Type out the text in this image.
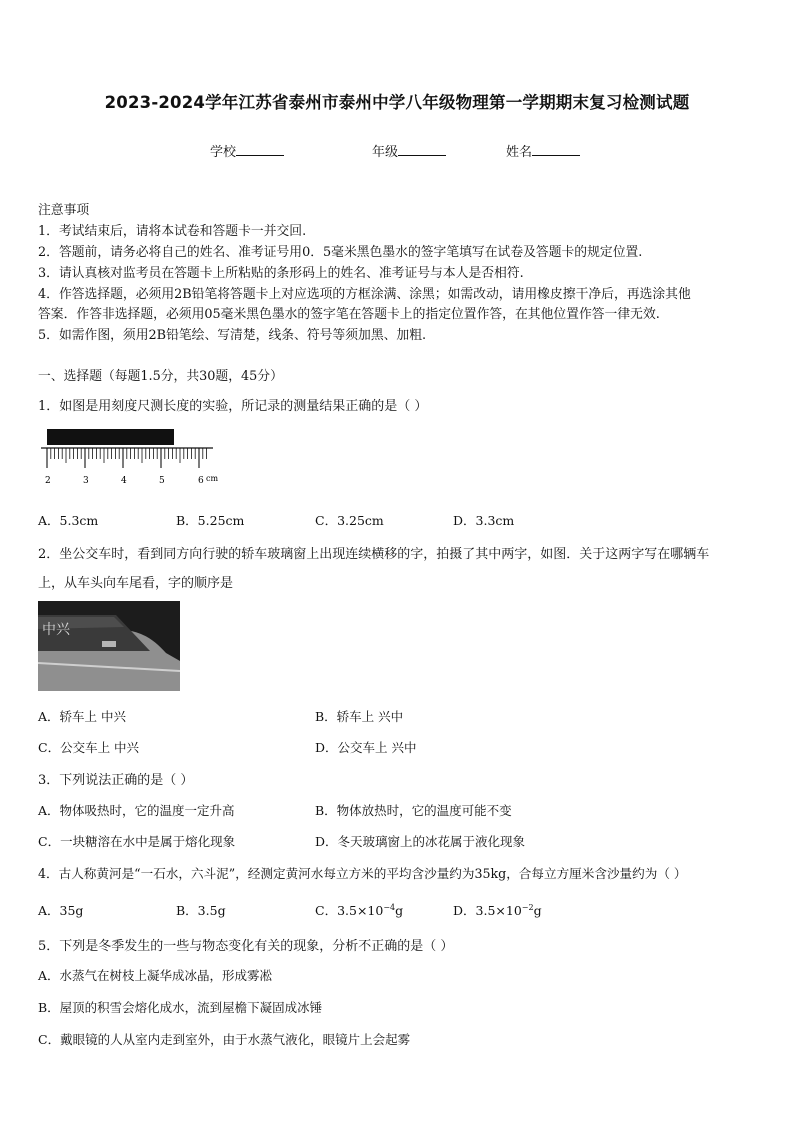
2023-2024学年江苏省泰州市泰州中学八年级物理第一学期期末复习检测试题
学校	年级	姓名
注意事项
1．考试结束后，请将本试卷和答题卡一并交回.
2．答题前，请务必将自己的姓名、准考证号用0．5毫米黑色墨水的签字笔填写在试卷及答题卡的规定位置.
3．请认真核对监考员在答题卡上所粘贴的条形码上的姓名、准考证号与本人是否相符.
4．作答选择题，必须用2B铅笔将答题卡上对应选项的方框涂满、涂黑；如需改动，请用橡皮擦干净后，再选涂其他
答案．作答非选择题，必须用05毫米黑色墨水的签字笔在答题卡上的指定位置作答，在其他位置作答一律无效.
5．如需作图，须用2B铅笔绘、写清楚，线条、符号等须加黑、加粗.
一、选择题（每题1.5分，共30题，45分）
1．如图是用刻度尺测长度的实验，所记录的测量结果正确的是（ ）
2	3	4	5	6 cm
A．5.3cm	B．5.25cm	C．3.25cm	D．3.3cm
2．坐公交车时，看到同方向行驶的轿车玻璃窗上出现连续横移的字，拍摄了其中两字，如图．关于这两字写在哪辆车
上，从车头向车尾看，字的顺序是
中兴
A．轿车上 中兴	B．轿车上 兴中
C．公交车上 中兴	D．公交车上 兴中
3．下列说法正确的是（ ）
A．物体吸热时，它的温度一定升高	B．物体放热时，它的温度可能不变
C．一块糖溶在水中是属于熔化现象	D．冬天玻璃窗上的冰花属于液化现象
4．古人称黄河是“一石水，六斗泥”，经测定黄河水每立方米的平均含沙量约为35kg，合每立方厘米含沙量约为（ ）
A．35g	B．3.5g	C．$3.5\times 10^{-4}g$	D．$3.5\times 10^{-2}g$
5．下列是冬季发生的一些与物态变化有关的现象，分析不正确的是（ ）
A．水蒸气在树枝上凝华成冰晶，形成雾凇
B．屋顶的积雪会熔化成水，流到屋檐下凝固成冰锤
C．戴眼镜的人从室内走到室外，由于水蒸气液化，眼镜片上会起雾
